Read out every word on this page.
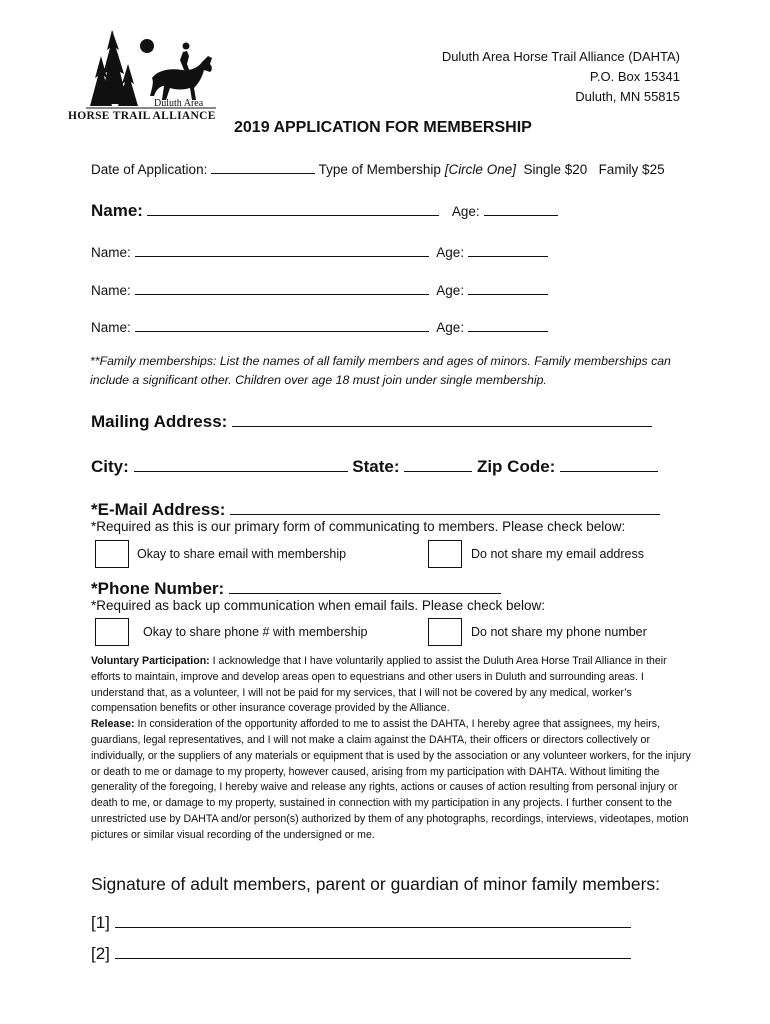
Duluth Area
HORSE TRAIL ALLIANCE
Duluth Area Horse Trail Alliance (DAHTA)
P.O. Box 15341
Duluth, MN 55815
2019 APPLICATION FOR MEMBERSHIP
Date of Application:	Type of Membership [Circle One] Single $20 Family $25
Name:	Age:
Name:	Age:
Name:	Age:
Name:	Age:
**Family memberships: List the names of all family members and ages of minors. Family memberships can include a significant other. Children over age 18 must join under single membership.
Mailing Address:
City:	State:	Zip Code:
*E-Mail Address:
*Required as this is our primary form of communicating to members. Please check below:
Okay to share email with membership	Do not share my email address
*Phone Number:
*Required as back up communication when email fails. Please check below:
Okay to share phone # with membership	Do not share my phone number
Voluntary Participation: I acknowledge that I have voluntarily applied to assist the Duluth Area Horse Trail Alliance in their efforts to maintain, improve and develop areas open to equestrians and other users in Duluth and surrounding areas. I understand that, as a volunteer, I will not be paid for my services, that I will not be covered by any medical, worker’s compensation benefits or other insurance coverage provided by the Alliance.
Release: In consideration of the opportunity afforded to me to assist the DAHTA, I hereby agree that assignees, my heirs, guardians, legal representatives, and I will not make a claim against the DAHTA, their officers or directors collectively or individually, or the suppliers of any materials or equipment that is used by the association or any volunteer workers, for the injury or death to me or damage to my property, however caused, arising from my participation with DAHTA. Without limiting the generality of the foregoing, I hereby waive and release any rights, actions or causes of action resulting from personal injury or death to me, or damage to my property, sustained in connection with my participation in any projects. I further consent to the unrestricted use by DAHTA and/or person(s) authorized by them of any photographs, recordings, interviews, videotapes, motion pictures or similar visual recording of the undersigned or me.
Signature of adult members, parent or guardian of minor family members:
[1]
[2]
